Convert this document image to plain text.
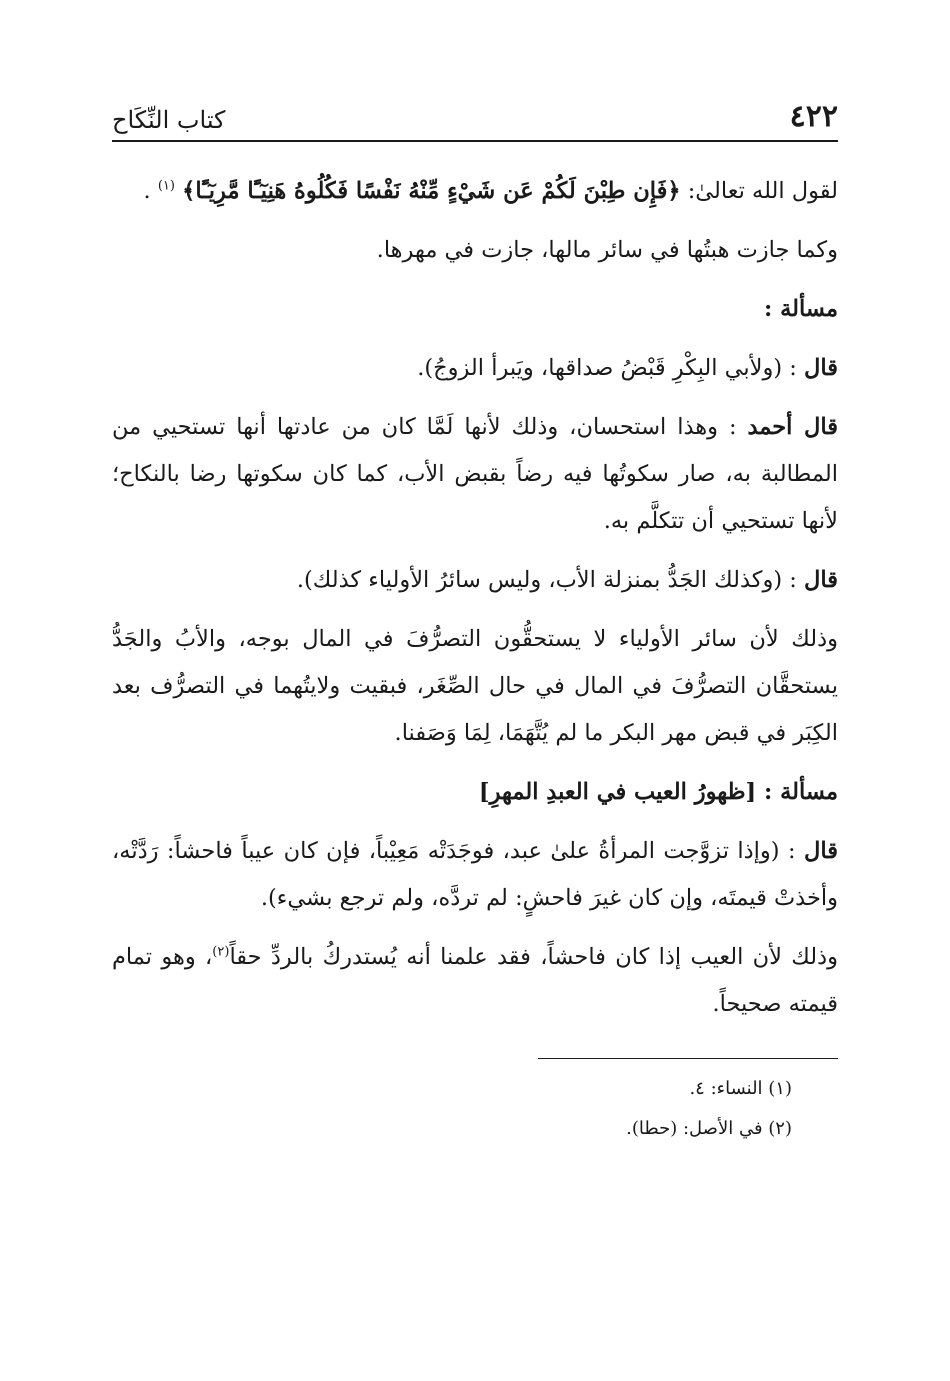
٤٢٢
كتاب النِّكَاح

لقول الله تعالىٰ: ﴿فَإِن طِبْنَ لَكُمْ عَن شَيْءٍ مِّنْهُ نَفْسًا فَكُلُوهُ هَنِيٓـًٔا مَّرِيٓـًٔا﴾ $^{(١)}$ .

وكما جازت هبتُها في سائر مالها، جازت في مهرها.

مسألة :

قال : (ولأبي البِكْرِ قَبْضُ صداقها، ويَبرأ الزوجُ).

قال أحمد : وهذا استحسان، وذلك لأنها لَمَّا كان من عادتها أنها تستحيي من المطالبة به، صار سكوتُها فيه رضاً بقبض الأب، كما كان سكوتها رضا بالنكاح؛ لأنها تستحيي أن تتكلَّم به.

قال : (وكذلك الجَدُّ بمنزلة الأب، وليس سائرُ الأولياء كذلك).

وذلك لأن سائر الأولياء لا يستحقُّون التصرُّفَ في المال بوجه، والأبُ والجَدُّ يستحقَّان التصرُّفَ في المال في حال الصِّغَر، فبقيت ولايتُهما في التصرُّف بعد الكِبَر في قبض مهر البكر ما لم يُتَّهَمَا، لِمَا وَصَفنا.

مسألة : [ظهورُ العيب في العبدِ المهرِ]

قال : (وإذا تزوَّجت المرأةُ علىٰ عبد، فوجَدَتْه مَعِيْباً، فإن كان عيباً فاحشاً: رَدَّتْه، وأخذتْ قيمتَه، وإن كان غيرَ فاحشٍ: لم تردَّه، ولم ترجع بشيء).

وذلك لأن العيب إذا كان فاحشاً، فقد علمنا أنه يُستدركُ بالردِّ حقاً$^{(٢)}$، وهو تمام قيمته صحيحاً.

(١) النساء: ٤.

(٢) في الأصل: (حطا).
